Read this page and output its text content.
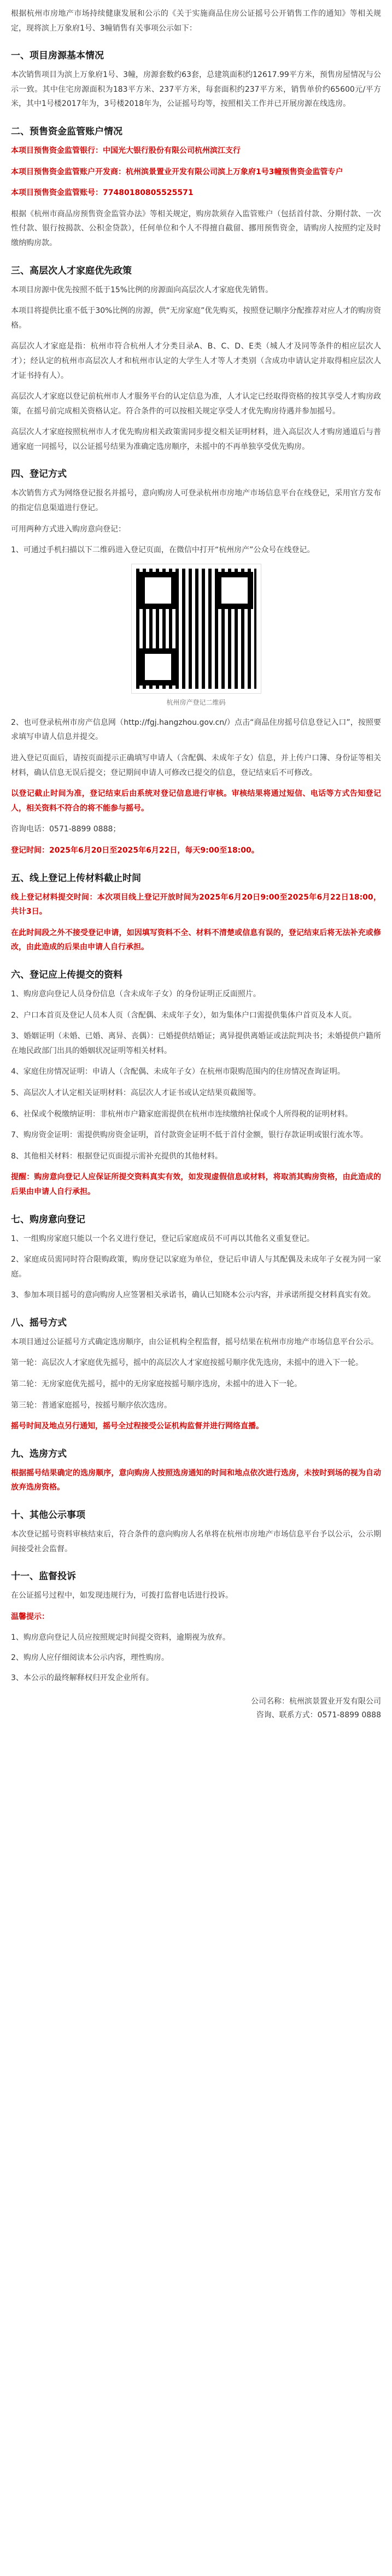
根据杭州市房地产市场持续健康发展和公示的《关于实施商品住房公证摇号公开销售工作的通知》等相关规定，现将滨上万象府1号、3幢销售有关事项公示如下：

一、项目房源基本情况

本次销售项目为滨上万象府1号、3幢，房源套数约63套，总建筑面积约12617.99平方米，预售房屋情况与公示一致。其中住宅房源面积为183平方米、237平方米，每套面积约237平方米，销售单价约65600元/平方米，其中1号楼2017年为，3号楼2018年为，公证摇号均等，按照相关工作并已开展房源在线选房。

二、预售资金监管账户情况

本项目预售资金监管银行：中国光大银行股份有限公司杭州滨江支行

本项目预售资金监管账户开发商：杭州滨景置业开发有限公司滨上万象府1号3幢预售资金监管专户

本项目预售资金监管账号：77480180805525571

根据《杭州市商品房预售资金监管办法》等相关规定，购房款须存入监管账户（包括首付款、分期付款、一次性付款、银行按揭款、公积金贷款），任何单位和个人不得擅自截留、挪用预售资金，请购房人按照约定及时缴纳购房款。

三、高层次人才家庭优先政策

本项目房源中优先按照不低于15%比例的房源面向高层次人才家庭优先销售。

本项目将提供比重不低于30%比例的房源，供“无房家庭”优先购买，按照登记顺序分配推荐对应人才的购房资格。

高层次人才家庭是指：杭州市符合杭州人才分类目录A、B、C、D、E类（城人才及同等条件的相应层次人才）；经认定的杭州市高层次人才和杭州市认定的大学生人才等人才类别（含成功申请认定并取得相应层次人才证书持有人）。

高层次人才家庭以登记前杭州市人才服务平台的认定信息为准，人才认定已经取得资格的按其享受人才购房政策，在摇号前完成相关资格认定。符合条件的可以按相关规定享受人才优先购房待遇并参加摇号。

高层次人才家庭按照杭州市人才优先购房相关政策需同步提交相关证明材料，进入高层次人才购房通道后与普通家庭一同摇号，以公证摇号结果为准确定选房顺序，未摇中的不再单独享受优先购房。

四、登记方式

本次销售方式为网络登记报名并摇号，意向购房人可登录杭州市房地产市场信息平台在线登记，采用官方发布的指定信息渠道进行登记。

可用两种方式进入购房意向登记：

1、可通过手机扫描以下二维码进入登记页面，在微信中打开“杭州房产”公众号在线登记。

杭州房产登记二维码

2、也可登录杭州市房产信息网（http://fgj.hangzhou.gov.cn/）点击“商品住房摇号信息登记入口”，按照要求填写申请人信息并提交。

进入登记页面后，请按页面提示正确填写申请人（含配偶、未成年子女）信息，并上传户口簿、身份证等相关材料，确认信息无误后提交；登记期间申请人可修改已提交的信息，登记结束后不可修改。

以登记截止时间为准，登记结束后由系统对登记信息进行审核。审核结果将通过短信、电话等方式告知登记人，相关资料不符合的将不能参与摇号。

咨询电话：0571-8899 0888；

登记时间：2025年6月20日至2025年6月22日，每天9:00至18:00。

五、线上登记上传材料截止时间

线上登记材料提交时间：本次项目线上登记开放时间为2025年6月20日9:00至2025年6月22日18:00，共计3日。

在此时间段之外不接受登记申请，如因填写资料不全、材料不清楚或信息有误的，登记结束后将无法补充或修改，由此造成的后果由申请人自行承担。

六、登记应上传提交的资料

1、购房意向登记人员身份信息（含未成年子女）的身份证明正反面照片。

2、户口本首页及登记人员本人页（含配偶、未成年子女），如为集体户口需提供集体户首页及本人页。

3、婚姻证明（未婚、已婚、离异、丧偶）：已婚提供结婚证；离异提供离婚证或法院判决书；未婚提供户籍所在地民政部门出具的婚姻状况证明等相关材料。

4、家庭住房情况证明：申请人（含配偶、未成年子女）在杭州市限购范围内的住房情况查询证明。

5、高层次人才认定相关证明材料：高层次人才证书或认定结果页截图等。

6、社保或个税缴纳证明：非杭州市户籍家庭需提供在杭州市连续缴纳社保或个人所得税的证明材料。

7、购房资金证明：需提供购房资金证明，首付款资金证明不低于首付金额，银行存款证明或银行流水等。

8、其他相关材料：根据登记页面提示需补充提供的其他材料。

提醒：购房意向登记人应保证所提交资料真实有效，如发现虚假信息或材料，将取消其购房资格，由此造成的后果由申请人自行承担。

七、购房意向登记

1、一组购房家庭只能以一个名义进行登记，登记后家庭成员不可再以其他名义重复登记。

2、家庭成员需同时符合限购政策，购房登记以家庭为单位，登记后申请人与其配偶及未成年子女视为同一家庭。

3、参加本项目摇号的意向购房人应签署相关承诺书，确认已知晓本公示内容，并承诺所提交材料真实有效。

八、摇号方式

本项目通过公证摇号方式确定选房顺序，由公证机构全程监督，摇号结果在杭州市房地产市场信息平台公示。

第一轮：高层次人才家庭优先摇号，摇中的高层次人才家庭按摇号顺序优先选房，未摇中的进入下一轮。

第二轮：无房家庭优先摇号，摇中的无房家庭按摇号顺序选房，未摇中的进入下一轮。

第三轮：普通家庭摇号，按摇号顺序依次选房。

摇号时间及地点另行通知，摇号全过程接受公证机构监督并进行网络直播。

九、选房方式

根据摇号结果确定的选房顺序，意向购房人按照选房通知的时间和地点依次进行选房，未按时到场的视为自动放弃选房资格。

十、其他公示事项

本次登记摇号资料审核结束后，符合条件的意向购房人名单将在杭州市房地产市场信息平台予以公示，公示期间接受社会监督。

十一、监督投诉

在公证摇号过程中，如发现违规行为，可拨打监督电话进行投诉。

温馨提示：

1、购房意向登记人员应按照规定时间提交资料，逾期视为放弃。

2、购房人应仔细阅读本公示内容，理性购房。

3、本公示的最终解释权归开发企业所有。

公司名称：杭州滨景置业开发有限公司
咨询、联系方式：0571-8899 0888
